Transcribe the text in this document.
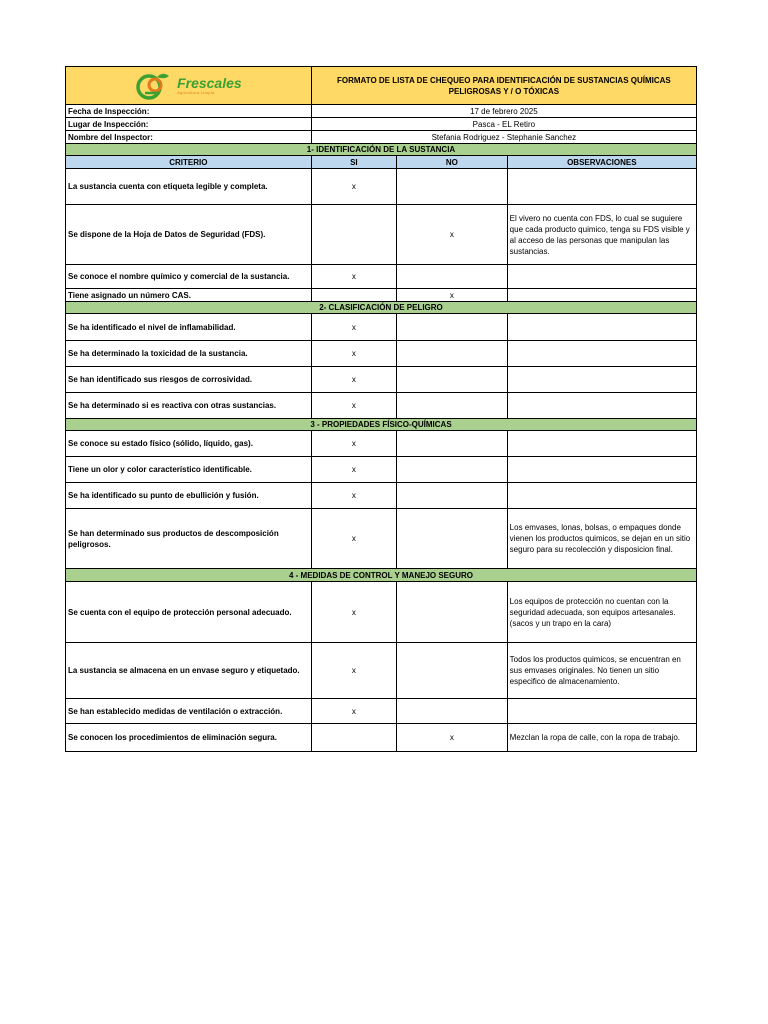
Frescales
Agricultura Limpia	FORMATO DE LISTA DE CHEQUEO PARA IDENTIFICACIÓN DE SUSTANCIAS QUÍMICAS PELIGROSAS Y / O TÓXICAS		
Fecha de Inspección:	17 de febrero 2025		
Lugar de Inspección:	Pasca - EL Retiro		
Nombre del Inspector:	Stefania Rodriguez - Stephanie Sanchez		
1- IDENTIFICACIÓN DE LA SUSTANCIA			
CRITERIO	SI	NO	OBSERVACIONES
La sustancia cuenta con etiqueta legible y completa.	x		
Se dispone de la Hoja de Datos de Seguridad (FDS).		x	El vivero no cuenta con FDS, lo cual se suguiere que cada producto quimico, tenga su FDS visible y al acceso de las personas que manipulan las sustancias.
Se conoce el nombre químico y comercial de la sustancia.	x		
Tiene asignado un número CAS.		x	
2- CLASIFICACIÓN DE PELIGRO			
Se ha identificado el nivel de inflamabilidad.	x		
Se ha determinado la toxicidad de la sustancia.	x		
Se han identificado sus riesgos de corrosividad.	x		
Se ha determinado si es reactiva con otras sustancias.	x		
3 - PROPIEDADES FÍSICO-QUÍMICAS			
Se conoce su estado físico (sólido, líquido, gas).	x		
Tiene un olor y color característico identificable.	x		
Se ha identificado su punto de ebullición y fusión.	x		
Se han determinado sus productos de descomposición peligrosos.	x		Los emvases, lonas, bolsas, o empaques donde vienen los productos quimicos, se dejan en un sitio seguro para su recolección y disposicion final.
4 - MEDIDAS DE CONTROL Y MANEJO SEGURO			
Se cuenta con el equipo de protección personal adecuado.	x		Los equipos de protección no cuentan con la seguridad adecuada, son equipos artesanales. (sacos y un trapo en la cara)
La sustancia se almacena en un envase seguro y etiquetado.	x		Todos los productos quimicos, se encuentran en sus emvases originales. No tienen un sitio especifico de almacenamiento.
Se han establecido medidas de ventilación o extracción.	x		
Se conocen los procedimientos de eliminación segura.		x	Mezclan la ropa de calle, con la ropa de trabajo.
